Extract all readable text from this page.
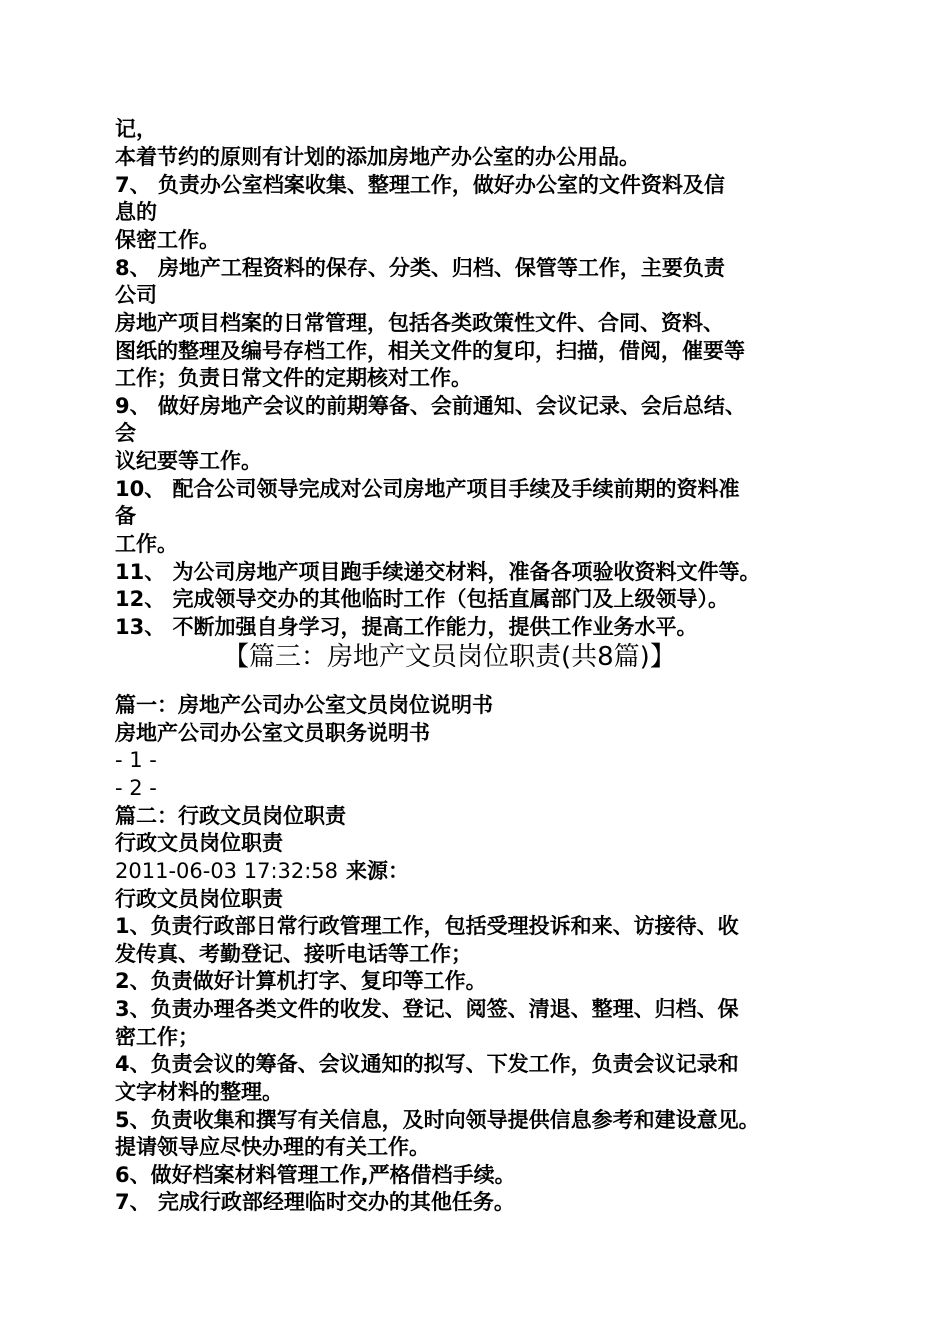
记，
本着节约的原则有计划的添加房地产办公室的办公用品。
7、 负责办公室档案收集、整理工作，做好办公室的文件资料及信
息的
保密工作。
8、 房地产工程资料的保存、分类、归档、保管等工作，主要负责
公司
房地产项目档案的日常管理，包括各类政策性文件、合同、资料、
图纸的整理及编号存档工作，相关文件的复印，扫描，借阅，催要等
工作；负责日常文件的定期核对工作。
9、 做好房地产会议的前期筹备、会前通知、会议记录、会后总结、
会
议纪要等工作。
10、 配合公司领导完成对公司房地产项目手续及手续前期的资料准
备
工作。
11、 为公司房地产项目跑手续递交材料，准备各项验收资料文件等。
12、 完成领导交办的其他临时工作（包括直属部门及上级领导）。
13、 不断加强自身学习，提高工作能力，提供工作业务水平。
【篇三：房地产文员岗位职责(共8篇)】
篇一：房地产公司办公室文员岗位说明书
房地产公司办公室文员职务说明书
- 1 -
- 2 -
篇二：行政文员岗位职责
行政文员岗位职责
2011-06-03 17:32:58 来源：
行政文员岗位职责
1、负责行政部日常行政管理工作，包括受理投诉和来、访接待、收
发传真、考勤登记、接听电话等工作；
2、负责做好计算机打字、复印等工作。
3、负责办理各类文件的收发、登记、阅签、清退、整理、归档、保
密工作；
4、负责会议的筹备、会议通知的拟写、下发工作，负责会议记录和
文字材料的整理。
5、负责收集和撰写有关信息，及时向领导提供信息参考和建设意见。
提请领导应尽快办理的有关工作。
6、做好档案材料管理工作,严格借档手续。
7、 完成行政部经理临时交办的其他任务。
